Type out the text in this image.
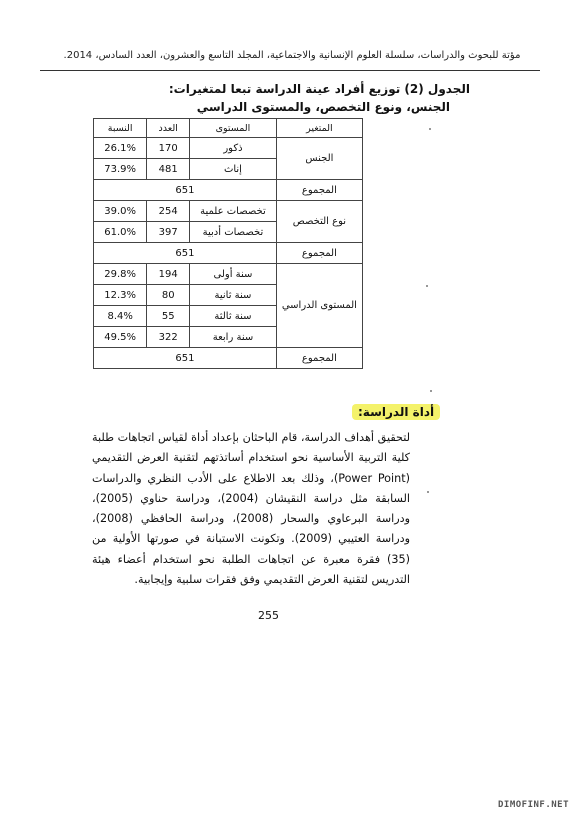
مؤتة للبحوث والدراسات، سلسلة العلوم الإنسانية والاجتماعية، المجلد التاسع والعشرون، العدد السادس، 2014.
الجدول (2) توزيع أفراد عينة الدراسة تبعا لمتغيرات:
الجنس، ونوع التخصص، والمستوى الدراسي
النسبة	العدد	المستوى	المتغير
26.1%	170	ذكور	الجنس
73.9%	481	إناث	
651			المجموع
39.0%	254	تخصصات علمية	نوع التخصص
61.0%	397	تخصصات أدبية	
651			المجموع
29.8%	194	سنة أولى	المستوى الدراسي
12.3%	80	سنة ثانية	
8.4%	55	سنة ثالثة	
49.5%	322	سنة رابعة	
651			المجموع
أداة الدراسة:
لتحقيق أهداف الدراسة، قام الباحثان بإعداد أداة لقياس اتجاهات طلبة كلية التربية الأساسية نحو استخدام أساتذتهم لتقنية العرض التقديمي (Power Point)، وذلك بعد الاطلاع على الأدب النظري والدراسات السابقة مثل دراسة النقيشان (2004)، ودراسة حناوي (2005)، ودراسة البرعاوي والسحار (2008)، ودراسة الحافظي (2008)، ودراسة العتيبي (2009). وتكونت الاستبانة في صورتها الأولية من (35) فقرة معبرة عن اتجاهات الطلبة نحو استخدام أعضاء هيئة التدريس لتقنية العرض التقديمي وفق فقرات سلبية وإيجابية.
255
DIMOFINF.NET
